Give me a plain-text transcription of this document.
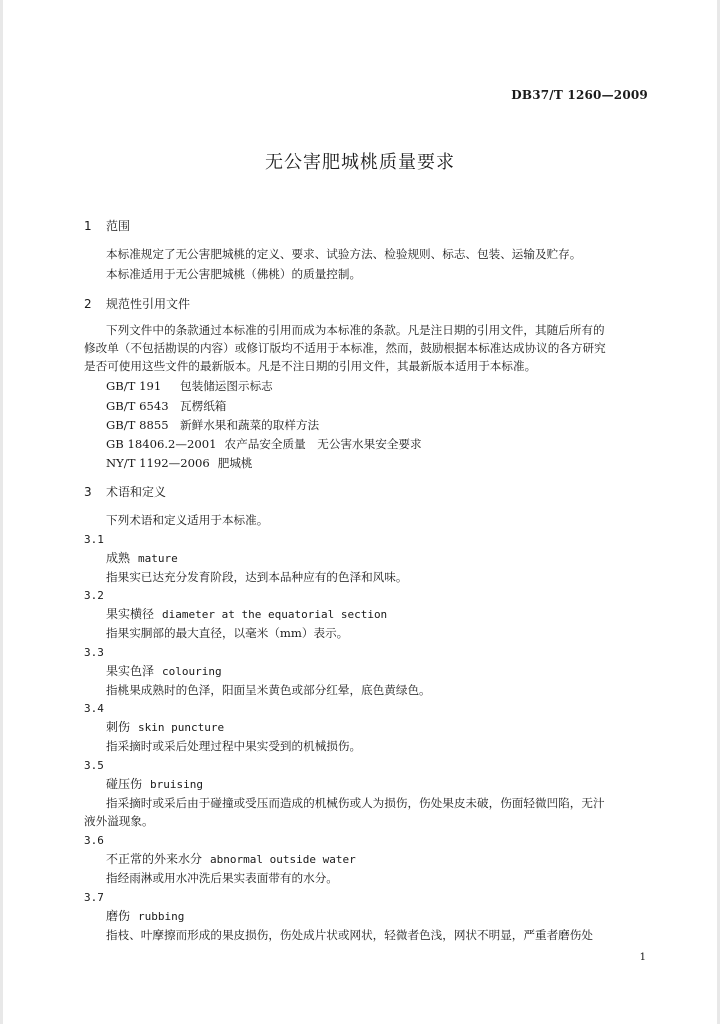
DB37/T 1260—2009
无公害肥城桃质量要求
1 范围
本标准规定了无公害肥城桃的定义、要求、试验方法、检验规则、标志、包装、运输及贮存。
本标准适用于无公害肥城桃（佛桃）的质量控制。
2 规范性引用文件
下列文件中的条款通过本标准的引用而成为本标准的条款。凡是注日期的引用文件，其随后所有的
修改单（不包括勘误的内容）或修订版均不适用于本标准，然而，鼓励根据本标准达成协议的各方研究
是否可使用这些文件的最新版本。凡是不注日期的引用文件，其最新版本适用于本标准。
GB/T 191 包装储运图示标志
GB/T 6543 瓦楞纸箱
GB/T 8855 新鲜水果和蔬菜的取样方法
GB 18406.2—2001 农产品安全质量　无公害水果安全要求
NY/T 1192—2006 肥城桃
3 术语和定义
下列术语和定义适用于本标准。
3.1
成熟 mature
指果实已达充分发育阶段，达到本品种应有的色泽和风味。
3.2
果实横径 diameter at the equatorial section
指果实胴部的最大直径，以毫米（mm）表示。
3.3
果实色泽 colouring
指桃果成熟时的色泽，阳面呈米黄色或部分红晕，底色黄绿色。
3.4
刺伤 skin puncture
指采摘时或采后处理过程中果实受到的机械损伤。
3.5
碰压伤 bruising
指采摘时或采后由于碰撞或受压而造成的机械伤或人为损伤，伤处果皮未破，伤面轻微凹陷，无汁
液外溢现象。
3.6
不正常的外来水分 abnormal outside water
指经雨淋或用水冲洗后果实表面带有的水分。
3.7
磨伤 rubbing
指枝、叶摩擦而形成的果皮损伤，伤处成片状或网状，轻微者色浅，网状不明显，严重者磨伤处
1
